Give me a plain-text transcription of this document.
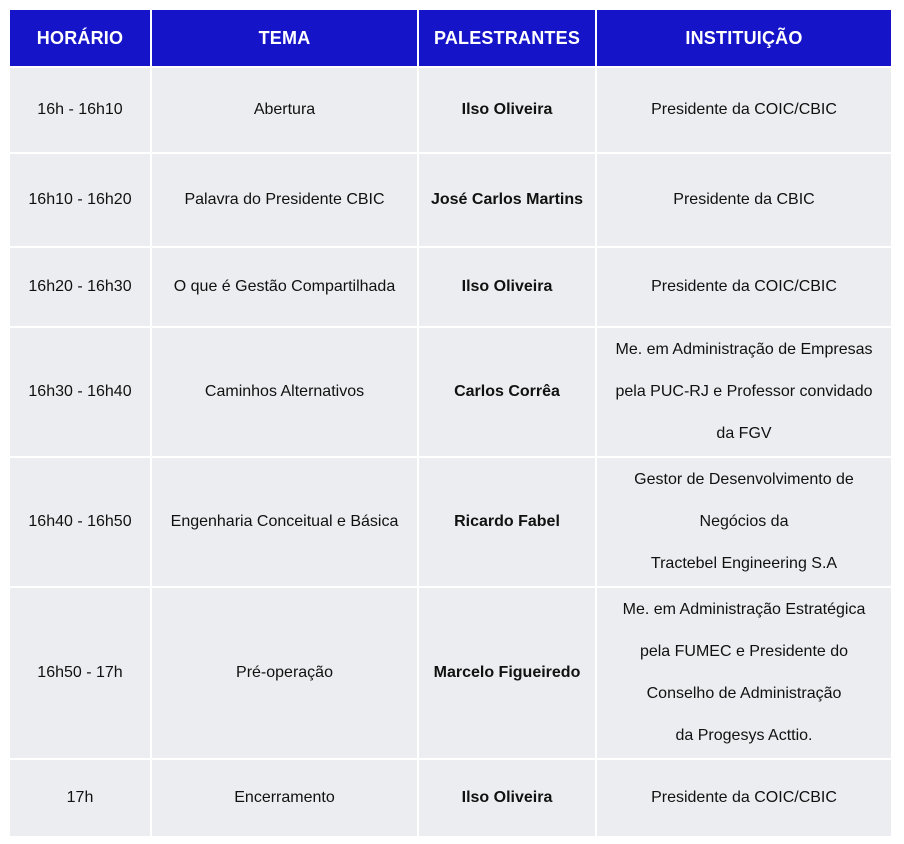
HORÁRIO	TEMA	PALESTRANTES	INSTITUIÇÃO
16h - 16h10	Abertura	Ilso Oliveira	Presidente da COIC/CBIC

16h10 - 16h20	Palavra do Presidente CBIC	José Carlos Martins	Presidente da CBIC

16h20 - 16h30	O que é Gestão Compartilhada	Ilso Oliveira	Presidente da COIC/CBIC

16h30 - 16h40	Caminhos Alternativos	Carlos Corrêa	Me. em Administração de Empresas
pela PUC-RJ e Professor convidado
da FGV

16h40 - 16h50	Engenharia Conceitual e Básica	Ricardo Fabel	Gestor de Desenvolvimento de
Negócios da
Tractebel Engineering S.A

16h50 - 17h	Pré-operação	Marcelo Figueiredo	Me. em Administração Estratégica
pela FUMEC e Presidente do
Conselho de Administração
da Progesys Acttio.

17h	Encerramento	Ilso Oliveira	Presidente da COIC/CBIC
